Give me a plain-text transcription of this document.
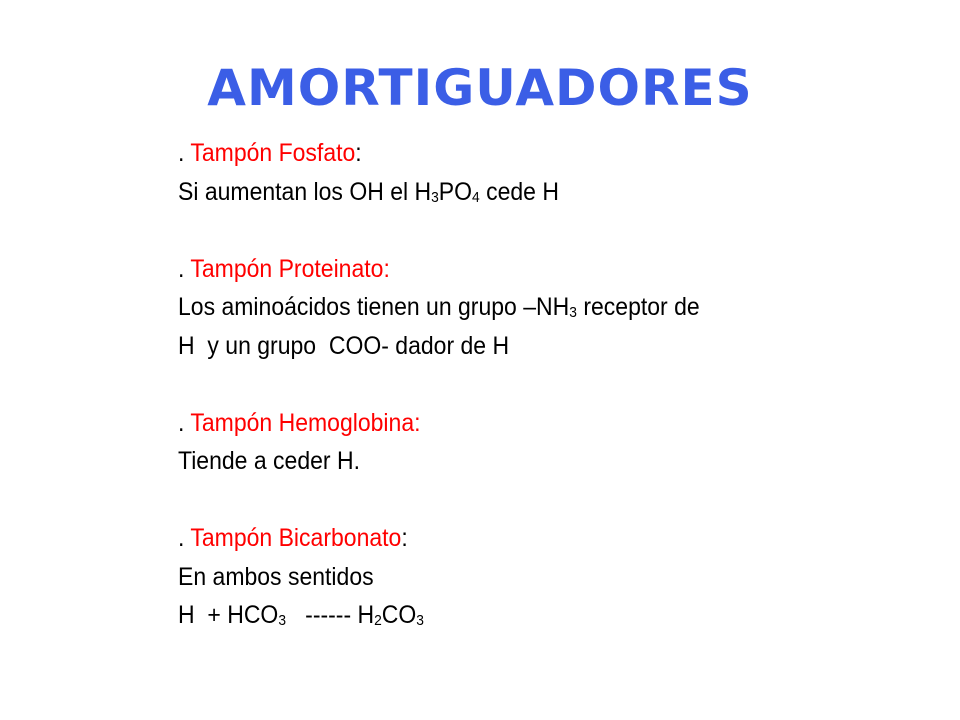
AMORTIGUADORES
. Tampón Fosfato:
Si aumentan los OH el H3PO4 cede H
. Tampón Proteinato:
Los aminoácidos tienen un grupo –NH3 receptor de
H  y un grupo  COO- dador de H
. Tampón Hemoglobina:
Tiende a ceder H.
. Tampón Bicarbonato:
En ambos sentidos
H  + HCO3   ------ H2CO3
